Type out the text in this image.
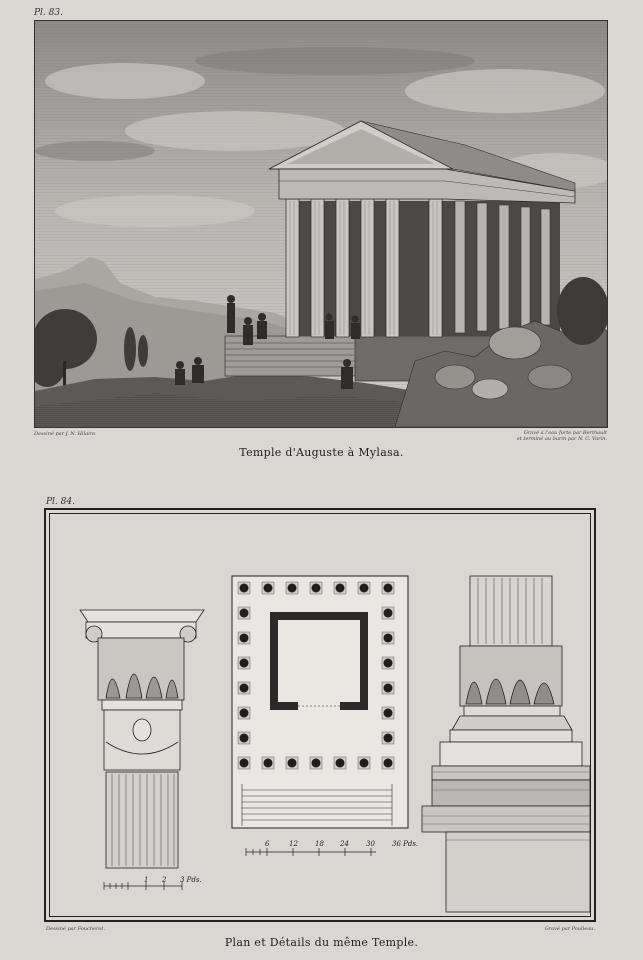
Pl. 83.
Dessiné par J. N. Hilaire.	Gravé à l'eau forte par Berthault
et terminé au burin par N. C. Varin.
Temple d'Auguste à Mylasa.
Pl. 84.
1 2 3 Pds.
6	12 18 24 30 36 Pds.
Dessiné par Foucherot.	Gravé par Poulleau.
Plan et Détails du même Temple.
